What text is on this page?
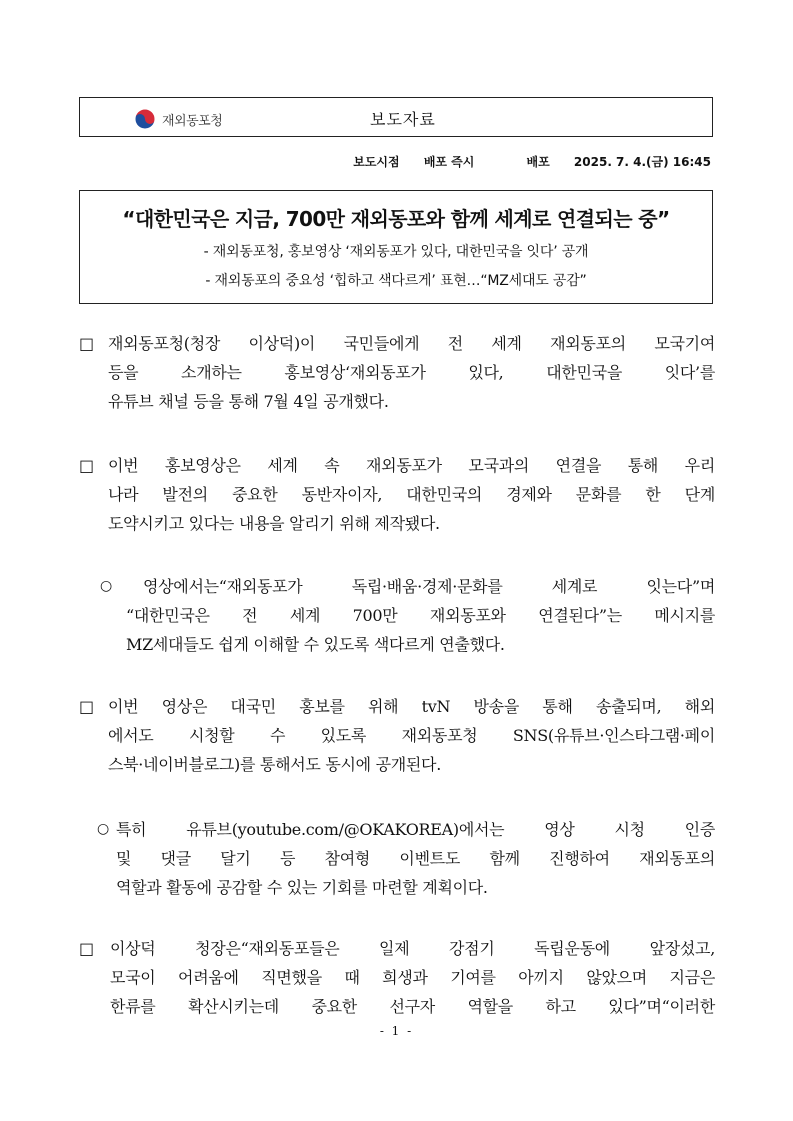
재외동포청	보도자료
보도시점 배포 즉시	배포 2025. 7. 4.(금) 16:45
“대한민국은 지금, 700만 재외동포와 함께 세계로 연결되는 중”
- 재외동포청, 홍보영상 ‘재외동포가 있다, 대한민국을 잇다’ 공개
- 재외동포의 중요성 ‘힙하고 색다르게’ 표현…“MZ세대도 공감”
□ 재외동포청(청장 이상덕)이 국민들에게 전 세계 재외동포의 모국기여
등을 소개하는 홍보영상‘재외동포가 있다, 대한민국을 잇다’를
유튜브 채널 등을 통해 7월 4일 공개했다.
□ 이번 홍보영상은 세계 속 재외동포가 모국과의 연결을 통해 우리
나라 발전의 중요한 동반자이자, 대한민국의 경제와 문화를 한 단계
도약시키고 있다는 내용을 알리기 위해 제작됐다.
○ 영상에서는“재외동포가 독립·배움·경제·문화를 세계로 잇는다”며
“대한민국은 전 세계 700만 재외동포와 연결된다”는 메시지를
MZ세대들도 쉽게 이해할 수 있도록 색다르게 연출했다.
□ 이번 영상은 대국민 홍보를 위해 tvN 방송을 통해 송출되며, 해외
에서도 시청할 수 있도록 재외동포청 SNS(유튜브·인스타그램·페이
스북·네이버블로그)를 통해서도 동시에 공개된다.
○ 특히 유튜브(youtube.com/@OKAKOREA)에서는 영상 시청 인증
및 댓글 달기 등 참여형 이벤트도 함께 진행하여 재외동포의
역할과 활동에 공감할 수 있는 기회를 마련할 계획이다.
□ 이상덕 청장은“재외동포들은 일제 강점기 독립운동에 앞장섰고,
모국이 어려움에 직면했을 때 희생과 기여를 아끼지 않았으며 지금은
한류를 확산시키는데 중요한 선구자 역할을 하고 있다”며“이러한
- 1 -
